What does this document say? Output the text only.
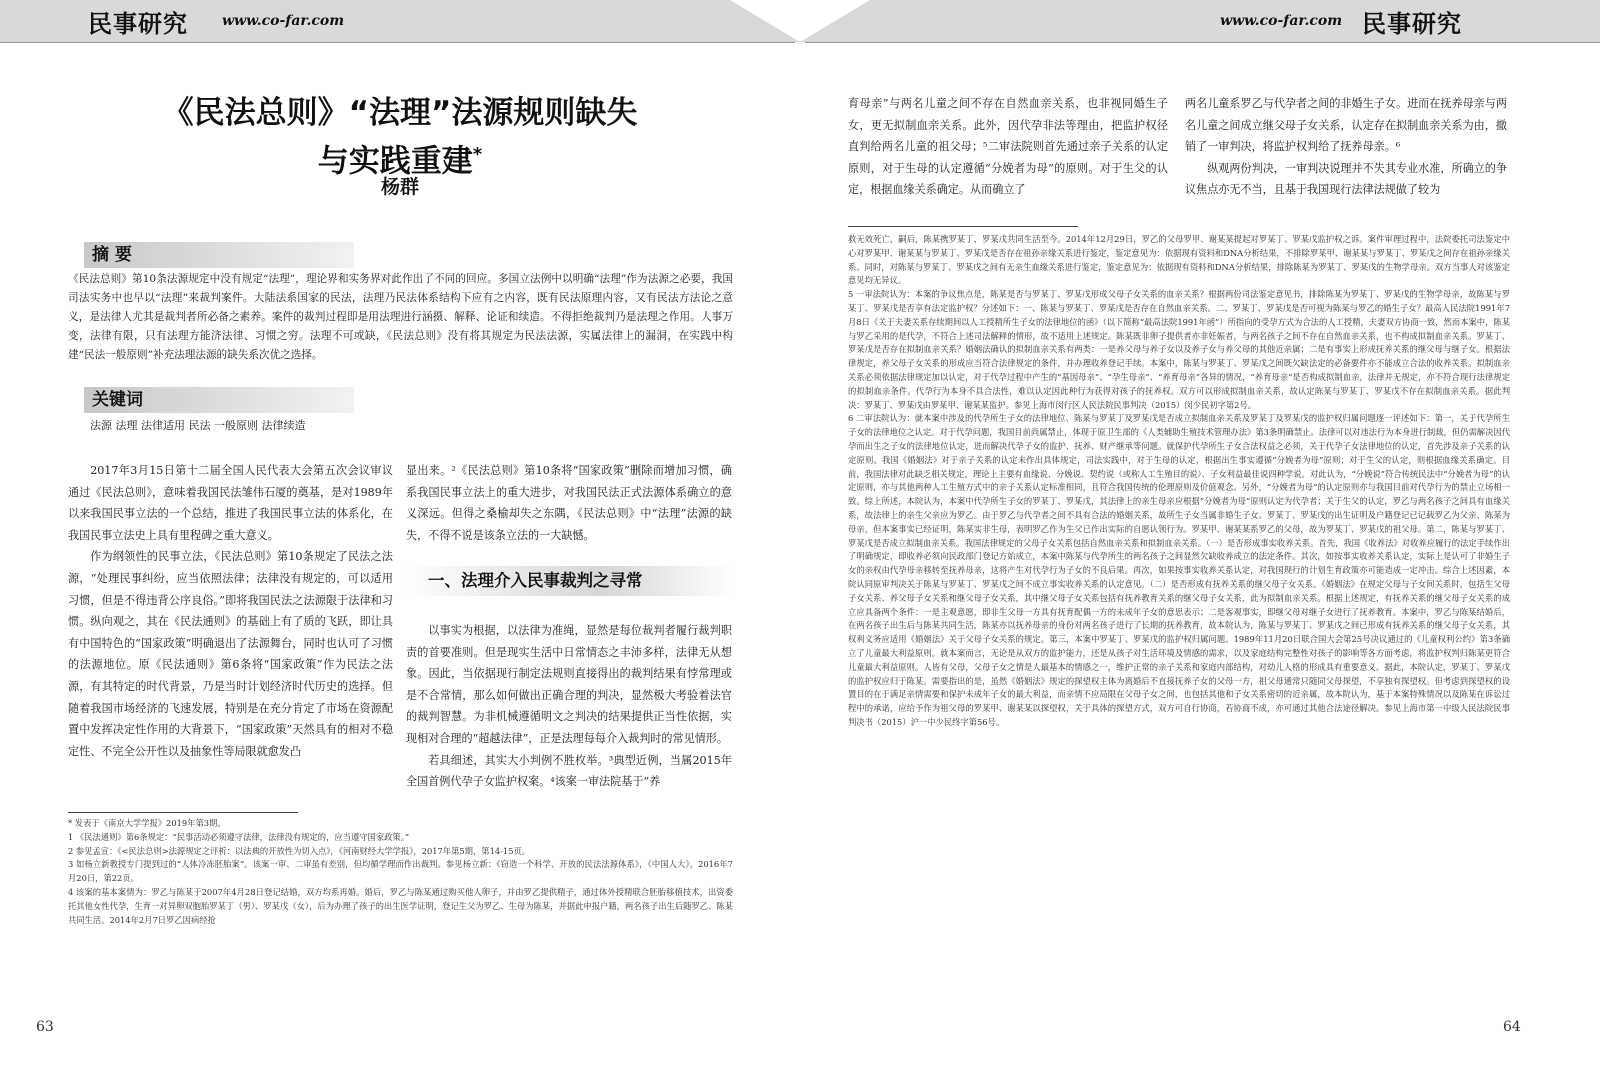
民事研究 www.co-far.com	www.co-far.com 民事研究
《民法总则》“法理”法源规则缺失
与实践重建*
杨群
摘 要

《民法总则》第10条法源规定中没有规定“法理”，理论界和实务界对此作出了不同的回应。多国立法例中以明确“法理”作为法源之必要，我国司法实务中也早以“法理”来裁判案件。大陆法系国家的民法，法理乃民法体系结构下应有之内容，既有民法原理内容，又有民法方法论之意义，是法律人尤其是裁判者所必备之素养。案件的裁判过程即是用法理进行涵摄、解释、论证和续造。不得拒绝裁判乃是法理之作用。人事万变，法律有限，只有法理方能济法律、习惯之穷。法理不可或缺，《民法总则》没有将其规定为民法法源，实属法律上的漏洞，在实践中构建“民法一般原则”补充法理法源的缺失系次优之选择。

关键词
法源 法理 法律适用 民法 一般原则 法律续造

2017年3月15日第十二届全国人民代表大会第五次会议审议通过《民法总则》，意味着我国民法雏伟石厦的奠基，是对1989年以来我国民事立法的一个总结，推进了我国民事立法的体系化，在我国民事立法史上具有里程碑之重大意义。

作为纲领性的民事立法，《民法总则》第10条规定了民法之法源，“处理民事纠纷，应当依照法律；法律没有规定的，可以适用习惯，但是不得违背公序良俗。”即将我国民法之法源限于法律和习惯。纵向观之，其在《民法通则》的基础上有了质的飞跃，即让具有中国特色的“国家政策”明确退出了法源舞台，同时也认可了习惯的法源地位。原《民法通则》第6条将“国家政策”作为民法之法源，有其特定的时代背景，乃是当时计划经济时代历史的选择。但随着我国市场经济的飞速发展，特别是在充分肯定了市场在资源配置中发挥决定性作用的大背景下，“国家政策”天然具有的相对不稳定性、不完全公开性以及抽象性等局限就愈发凸

显出来。²《民法总则》第10条将“国家政策”删除而增加习惯，确系我国民事立法上的重大进步，对我国民法正式法源体系确立的意义深远。但得之桑榆却失之东隅，《民法总则》中“法理”法源的缺失，不得不说是该条立法的一大缺憾。

一、法理介入民事裁判之寻常

以事实为根据，以法律为准绳，显然是每位裁判者履行裁判职责的首要准则。但是现实生活中日常情态之丰沛多样，法律无从想象。因此，当依据现行制定法规则直接得出的裁判结果有悖常理或是不合常情，那么如何做出正确合理的判决，显然极大考验着法官的裁判智慧。为非机械遵循明文之判决的结果提供正当性依据，实现相对合理的“超越法律”，正是法理每每介入裁判时的常见情形。

若具细述，其实大小判例不胜枚举。³典型近例，当属2015年全国首例代孕子女监护权案。⁴该案一审法院基于“养

* 发表于《南京大学学报》2019年第3期。

1 《民法通则》第6条规定：“民事活动必须遵守法律，法律没有规定的，应当遵守国家政策。”

2 参见孟宣：《<民法总则>法源规定之评析：以法典的开放性为切入点》，《河南财经大学学报》，2017年第5期，第14-15页。

3 如杨立新教授专门提到过的“人体冷冻胚胎案”。该案一审、二审虽有差别，但均循学理而作出裁判。参见杨立新：《窃造一个科学、开放的民法法源体系》，《中国人大》，2016年7月20日，第22页。

4 该案的基本案情为：罗乙与陈某于2007年4月28日登记结婚，双方均系再婚。婚后，罗乙与陈某通过购买他人卵子，并由罗乙提供精子，通过体外授精联合胚胎移植技术，出资委托其他女性代孕，生育一对异卵双胞胎罗某丁（男）、罗某戊（女），后为办理了孩子的出生医学证明，登记生父为罗乙、生母为陈某，并据此申报户籍，两名孩子出生后随罗乙、陈某共同生活。2014年2月7日罗乙因病经抢

育母亲”与两名儿童之间不存在自然血亲关系，也非视同婚生子女，更无拟制血亲关系。此外，因代孕非法等理由，把监护权径直判给两名儿童的祖父母；⁵二审法院则首先通过亲子关系的认定原则，对于生母的认定遵循“分娩者为母”的原则。对于生父的认定，根据血缘关系确定。从而确立了

两名儿童系罗乙与代孕者之间的非婚生子女。进而在抚养母亲与两名儿童之间成立继父母子女关系，认定存在拟制血亲关系为由，撤销了一审判决，将监护权判给了抚养母亲。⁶

纵观两份判决，一审判决说理并不失其专业水准，所确立的争议焦点亦无不当，且基于我国现行法律法规做了较为

救无效死亡，嗣后，陈某携罗某丁、罗某戊共同生活至今。2014年12月29日，罗乙的父母罗甲、谢某某提起对罗某丁、罗某戊监护权之诉。案件审理过程中，法院委托司法鉴定中心对罗某甲、谢某某与罗某丁、罗某戊是否存在祖孙亲缘关系进行鉴定，鉴定意见为：依据现有资料和DNA分析结果，不排除罗某甲、谢某某与罗某丁、罗某戊之间存在祖孙亲缘关系。同时，对陈某与罗某丁、罗某戊之间有无亲生血缘关系进行鉴定，鉴定意见为：依据现有资料和DNA分析结果，排除陈某为罗某丁、罗某戊的生物学母亲。双方当事人对该鉴定意见均无异议。

5 一审法院认为：本案的争议焦点是，陈某是否与罗某丁、罗某戊形成父母子女关系的血亲关系？根据两份司法鉴定意见书，排除陈某为罗某丁、罗某戊的生物学母亲，故陈某与罗某丁、罗某戊是否享有法定监护权？分述如下：一、陈某与罗某丁、罗某戊是否存在自然血亲关系。二、罗某丁、罗某戊是否可视为陈某与罗乙的婚生子女？最高人民法院1991年7月8日《关于夫妻关系存续期间以人工授精所生子女的法律地位的函》（以下简称“最高法院1991年函”）所指向的受孕方式为合法的人工授精，夫妻双方协商一致，然而本案中，陈某与罗乙采用的是代孕，不符合上述司法解释的情形，故不适用上述规定。陈某既非卵子提供者亦非妊娠者，与两名孩子之间不存在自然血亲关系，也不构成拟制血亲关系。罗某丁、罗某戊是否存在拟制血亲关系？婚姻法确认的拟制血亲关系有两类：一是养父母与养子女以及养子女与养父母的其他近亲属；二是有事实上形成抚养关系的继父母与继子女。根据法律规定，养父母子女关系的形成应当符合法律规定的条件，并办理收养登记手续。本案中，陈某与罗某丁、罗某戊之间既欠缺法定的必备要件亦不能成立合法的收养关系。拟制血亲关系必须依据法律规定加以认定，对于代孕过程中产生的“基因母亲”、“孕生母亲”、“养育母亲”各异的情况，“养育母亲”是否构成拟制血亲，法律并无规定，亦不符合现行法律规定的拟制血亲条件。代孕行为本身不具合法性，难以认定因此种行为获得对孩子的抚养权。双方可以形成拟制血亲关系，故认定陈某与罗某丁、罗某戊不存在拟制血亲关系。据此判决：罗某丁、罗某戊由罗某甲、谢某某监护。参见上海市闵行区人民法院民事判决（2015）闵少民初字第2号。

6 二审法院认为：就本案中涉及的代孕所生子女的法律地位、陈某与罗某丁及罗某戊是否成立拟制血亲关系及罗某丁及罗某戊的监护权归属问题逐一评述如下：第一，关于代孕所生子女的法律地位之认定。对于代孕问题，我国目前尚属禁止，体现于原卫生部的《人类辅助生殖技术管理办法》第3条明确禁止。法律可以对违法行为本身进行制裁，但仍需解决因代孕而出生之子女的法律地位认定，进而解决代孕子女的监护、抚养、财产继承等问题。就保护代孕所生子女合法权益之必须，关于代孕子女法律地位的认定，首先涉及亲子关系的认定原则。我国《婚姻法》对于亲子关系的认定未作出具体规定，司法实践中，对于生母的认定，根据出生事实遵循“分娩者为母”原则；对于生父的认定，则根据血缘关系确定。目前，我国法律对此缺乏相关规定，理论上主要有血缘说、分娩说、契约说（或称人工生殖目的说）、子女利益最佳说四种学说。对此认为，“分娩说”符合传统民法中“分娩者为母”的认定原则，亦与其他两种人工生殖方式中的亲子关系认定标准相同，且符合我国传统的伦理原则及价值观念。另外，“分娩者为母”的认定原则亦与我国目前对代孕行为的禁止立场相一致。综上所述，本院认为，本案中代孕所生子女的罗某丁、罗某戊，其法律上的亲生母亲应根据“分娩者为母”原则认定为代孕者；关于生父的认定，罗乙与两名孩子之间具有血缘关系，故法律上的亲生父亲应为罗乙。由于罗乙与代孕者之间不具有合法的婚姻关系，故所生子女当属非婚生子女。罗某丁、罗某戊的出生证明及户籍登记已记载罗乙为父亲、陈某为母亲，但本案事实已经证明，陈某实非生母，表明罗乙作为生父已作出实际的自愿认领行为。罗某甲、谢某某系罗乙的父母，故为罗某丁、罗某戊的祖父母。第二，陈某与罗某丁、罗某戊是否成立拟制血亲关系。我国法律规定的父母子女关系包括自然血亲关系和拟制血亲关系。（一）是否形成事实收养关系。首先，我国《收养法》对收养应履行的法定手续作出了明确规定，即收养必须向民政部门登记方始成立，本案中陈某与代孕所生的两名孩子之间显然欠缺收养成立的法定条件。其次，如按事实收养关系认定，实际上是认可了非婚生子女的亲权由代孕母亲移转至抚养母亲，这将产生对代孕行为子女的不良后果。再次，如果按事实收养关系认定，对我国现行的计划生育政策亦可能造成一定冲击。综合上述因素，本院认同原审判决关于陈某与罗某丁、罗某戊之间不成立事实收养关系的认定意见。（二）是否形成有抚养关系的继父母子女关系。《婚姻法》在规定父母与子女间关系时，包括生父母子女关系、养父母子女关系和继父母子女关系，其中继父母子女关系包括有抚养教育关系的继父母子女关系，此为拟制血亲关系。根据上述规定，有抚养关系的继父母子女关系的成立应具备两个条件：一是主观意愿，即非生父母一方具有抚育配偶一方的未成年子女的意思表示；二是客观事实，即继父母对继子女进行了抚养教育。本案中，罗乙与陈某结婚后，在两名孩子出生后与陈某共同生活，陈某亦以抚养母亲的身份对两名孩子进行了长期的抚养教育，故本院认为，陈某与罗某丁、罗某戊之间已形成有抚养关系的继父母子女关系，其权利义务应适用《婚姻法》关于父母子女关系的规定。第三，本案中罗某丁、罗某戊的监护权归属问题。1989年11月20日联合国大会第25号决议通过的《儿童权利公约》第3条确立了儿童最大利益原则。就本案而言，无论是从双方的监护能力，还是从孩子对生活环境及情感的需求，以及家庭结构完整性对孩子的影响等各方面考虑，将监护权判归陈某更符合儿童最大利益原则。人皆有父母，父母子女之情是人最基本的情感之一，维护正常的亲子关系和家庭内部结构，对幼儿人格的形成具有重要意义。据此，本院认定，罗某丁、罗某戊的监护权应归于陈某。需要指出的是，虽然《婚姻法》规定的探望权主体为离婚后不直接抚养子女的父母一方，祖父母通常只随同父母探望，不享独有探望权。但考虑到探望权的设置目的在于满足亲情需要和保护未成年子女的最大利益，而亲情不应局限在父母子女之间，也包括其他和子女关系密切的近亲属，故本院认为，基于本案特殊情况以及陈某在诉讼过程中的承诺，应给予作为祖父母的罗某甲、谢某某以探望权，关于具体的探望方式，双方可自行协商，若协商不成，亦可通过其他合法途径解决。参见上海市第一中级人民法院民事判决书（2015）沪一中少民终字第56号。

63	64
